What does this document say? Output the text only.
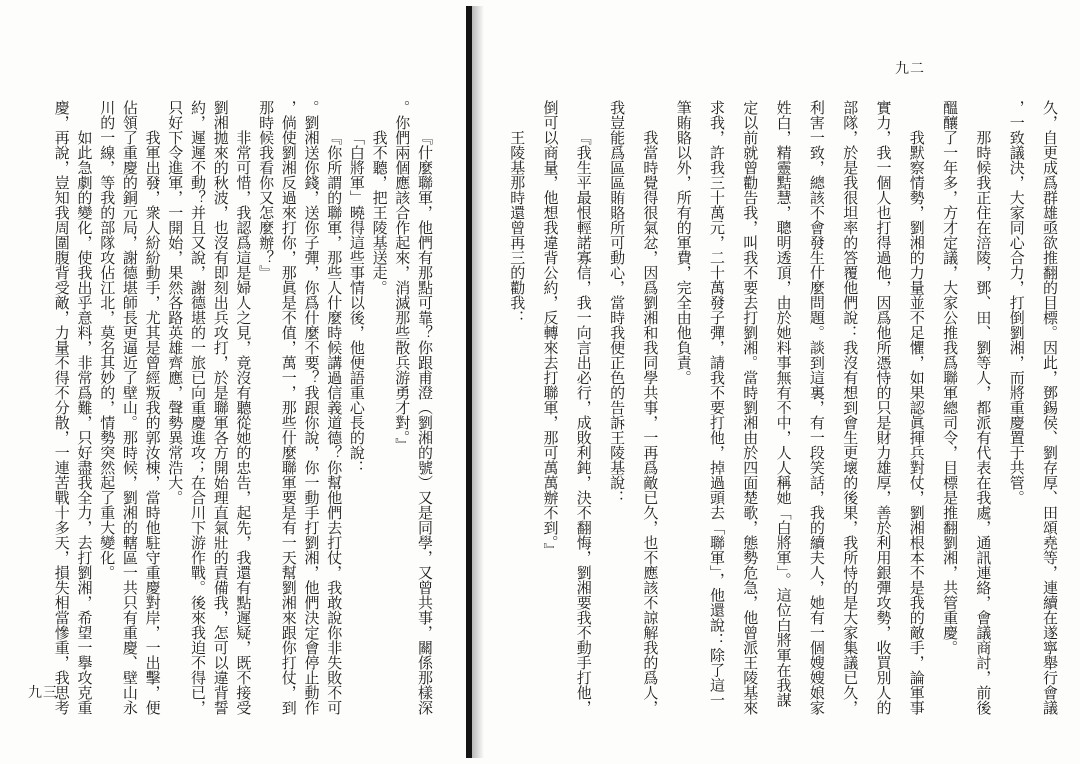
九二
久，自更成爲群雄亟欲推翻的目標。因此，鄧錫侯、劉存厚、田頌堯等，連續在遂寧舉行會議
，一致議決，大家同心合力，打倒劉湘，而將重慶置于共管。
那時候我正住在涪陵，鄧、田、劉等人，都派有代表在我處，通訊連絡，會議商討，前後
醞釀了一年多，方才定議，大家公推我爲聯軍總司令，目標是推翻劉湘，共管重慶。
我默察情勢，劉湘的力量並不足懼，如果認眞揮兵對仗，劉湘根本不是我的敵手，論軍事
實力，我一個人也打得過他，因爲他所憑恃的只是財力雄厚，善於利用銀彈攻勢，收買別人的
部隊，於是我很坦率的答覆他們說：我沒有想到會生更壞的後果，我所恃的是大家集議已久，
利害一致，總該不會發生什麼問題。談到這裏，有一段笑話，我的續夫人，她有一個嫂嫂娘家
姓白，精靈黠慧，聰明透頂，由於她料事無有不中，人人稱她「白將軍」。這位白將軍在我謀
定以前就曾勸告我，叫我不要去打劉湘。當時劉湘由於四面楚歌，態勢危急，他曾派王陵基來
求我，許我三十萬元，二十萬發子彈，請我不要打他，掉過頭去「聯軍」，他還說：除了這一
筆賄賂以外，所有的軍費，完全由他負責。
我當時覺得很氣忿，因爲劉湘和我同學共事，一再爲敵已久，也不應該不諒解我的爲人，
我豈能爲區區賄賂所可動心，當時我便正色的告訴王陵基說：
『我生平最恨輕諾寡信，我一向言出必行，成敗利鈍，決不翻悔，劉湘要我不動手打他，
倒可以商量，他想我違背公約，反轉來去打聯軍，那可萬萬辦不到。』
王陵基那時還曾再三的勸我：
九三	『什麼聯軍，他們有那點可靠？你跟甫澄（劉湘的號）又是同學，又曾共事，關係那樣深
。你們兩個應該合作起來，消滅那些散兵游勇才對。』
我不聽，把王陵基送走。
「白將軍」曉得這些事情以後，他便語重心長的說：
『你所謂的聯軍，那些人什麼時候講過信義道德？你幫他們去打仗，我敢說你非失敗不可
。劉湘送你錢，送你子彈，你爲什麼不要？我跟你說，你一動手打劉湘，他們決定會停止動作
，倘使劉湘反過來打你，那眞是不值，萬一，那些什麼聯軍要是有一天幫劉湘來跟你打仗，到
那時候我看你又怎麼辦？』
非常可惜，我認爲這是婦人之見，竟沒有聽從她的忠告，起先，我還有點遲疑，既不接受
劉湘拋來的秋波，也沒有即刻出兵攻打，於是聯軍各方開始理直氣壯的責備我，怎可以違背誓
約，遲遲不動？并且又說，謝德堪的一旅已向重慶進攻；在合川下游作戰。後來我迫不得已，
只好下令進軍，一開始，果然各路英雄齊應，聲勢異常浩大。
我軍出發，衆人紛紛動手，尤其是曾經叛我的郭汝棟，當時他駐守重慶對岸，一出擊，便
佔領了重慶的銅元局，謝德堪師長更逼近了壁山。那時候，劉湘的轄區一共只有重慶、壁山永
川的一線，等我的部隊攻佔江北，莫名其妙的，情勢突然起了重大變化。
如此急劇的變化，使我出乎意料，非常爲難，只好盡我全力，去打劉湘，希望一擧攻克重
慶，再說，豈知我周圍腹背受敵，力量不得不分散，一連苦戰十多天，損失相當慘重，我思考
